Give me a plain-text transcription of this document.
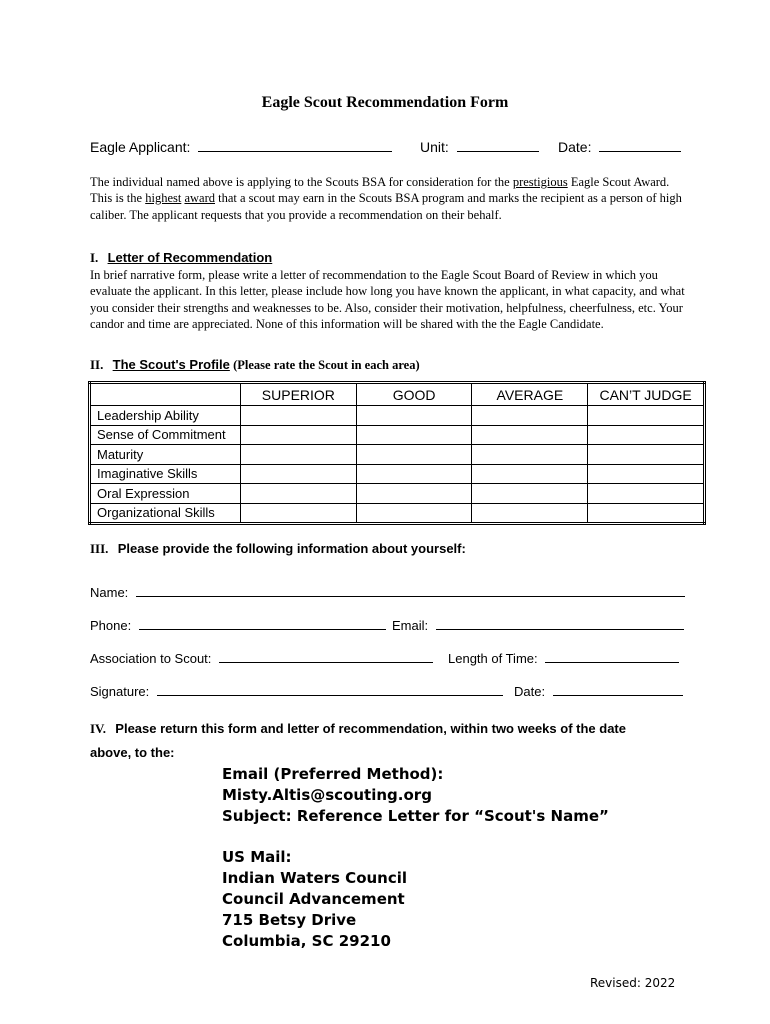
Eagle Scout Recommendation Form
Eagle Applicant:	Unit:	Date:
The individual named above is applying to the Scouts BSA for consideration for the prestigious Eagle Scout Award. This is the highest award that a scout may earn in the Scouts BSA program and marks the recipient as a person of high caliber. The applicant requests that you provide a recommendation on their behalf.
I. Letter of Recommendation
In brief narrative form, please write a letter of recommendation to the Eagle Scout Board of Review in which you evaluate the applicant. In this letter, please include how long you have known the applicant, in what capacity, and what you consider their strengths and weaknesses to be. Also, consider their motivation, helpfulness, cheerfulness, etc. Your candor and time are appreciated. None of this information will be shared with the the Eagle Candidate.
II. The Scout's Profile (Please rate the Scout in each area)
	SUPERIOR	GOOD	AVERAGE	CAN’T JUDGE
Leadership Ability				
Sense of Commitment				
Maturity				
Imaginative Skills				
Oral Expression				
Organizational Skills				
III. Please provide the following information about yourself:
Name:
Phone:	Email:
Association to Scout:	Length of Time:
Signature:	Date:
IV. Please return this form and letter of recommendation, within two weeks of the date
above, to the:
Email (Preferred Method):
Misty.Altis@scouting.org
Subject: Reference Letter for “Scout's Name”
US Mail:
Indian Waters Council
Council Advancement
715 Betsy Drive
Columbia, SC 29210
Revised: 2022
